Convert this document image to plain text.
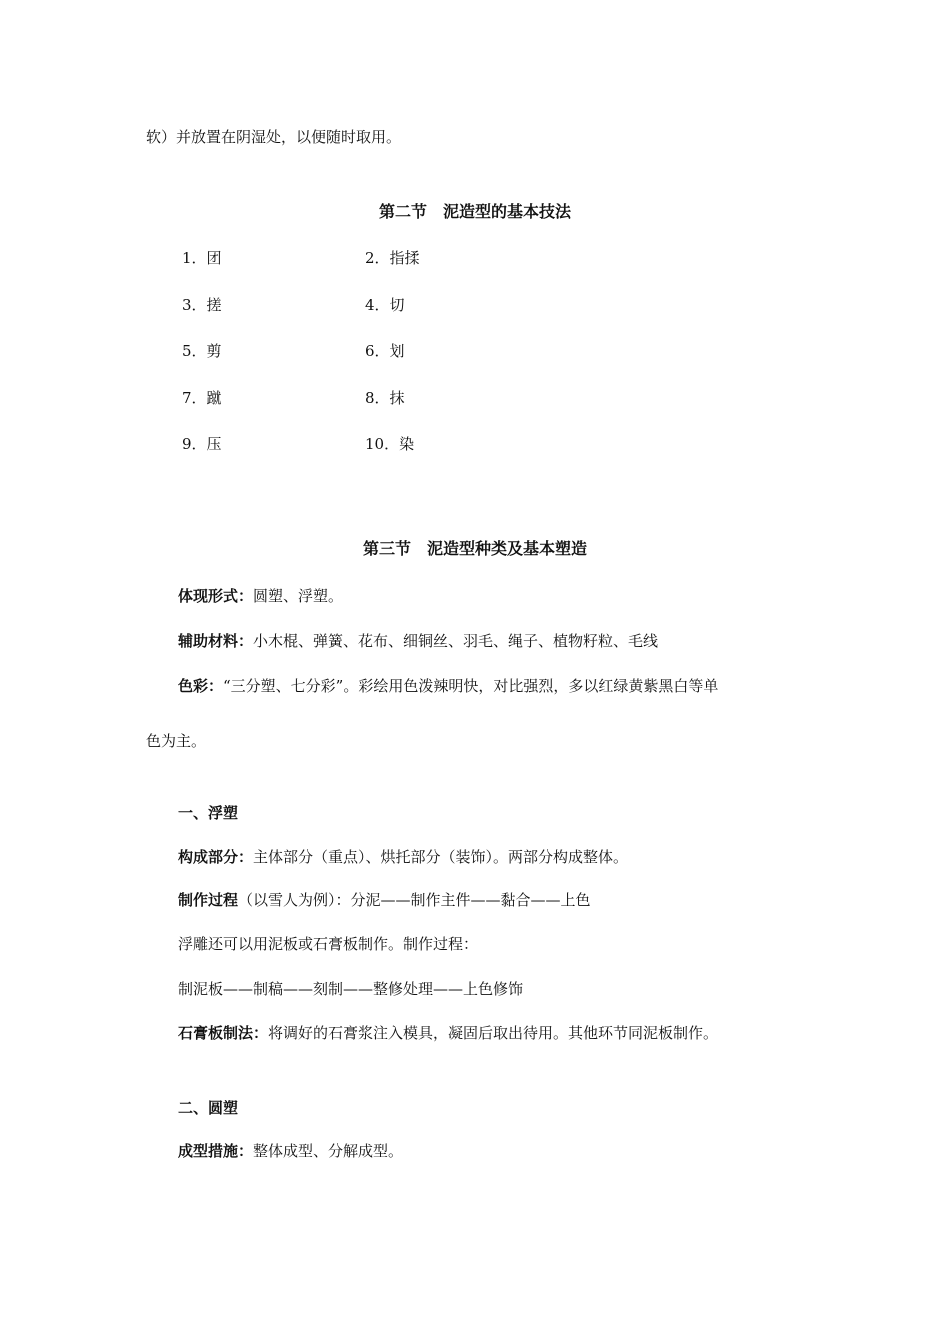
软）并放置在阴湿处，以便随时取用。
第二节　泥造型的基本技法
1．团	2．指揉
3．搓	4．切
5．剪	6．划
7．蹴	8．抹
9．压	10．染
第三节　泥造型种类及基本塑造
体现形式：圆塑、浮塑。
辅助材料：小木棍、弹簧、花布、细铜丝、羽毛、绳子、植物籽粒、毛线
色彩：“三分塑、七分彩”。彩绘用色泼辣明快，对比强烈，多以红绿黄紫黑白等单
色为主。
一、浮塑
构成部分：主体部分（重点）、烘托部分（装饰）。两部分构成整体。
制作过程（以雪人为例）：分泥——制作主件——黏合——上色
浮雕还可以用泥板或石膏板制作。制作过程：
制泥板——制稿——刻制——整修处理——上色修饰
石膏板制法：将调好的石膏浆注入模具，凝固后取出待用。其他环节同泥板制作。
二、圆塑
成型措施：整体成型、分解成型。
